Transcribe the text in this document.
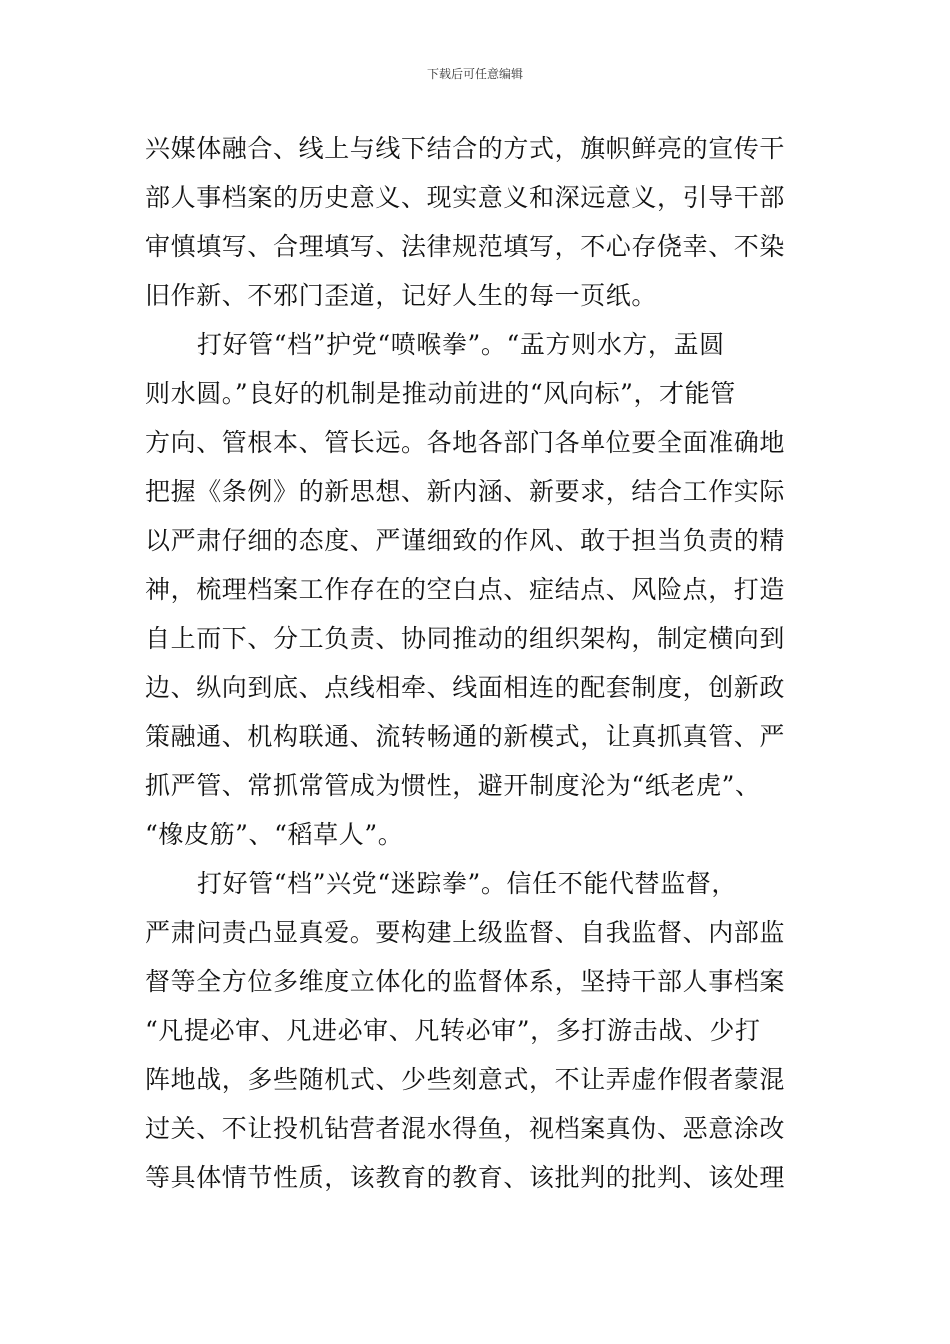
下载后可任意编辑
兴媒体融合、线上与线下结合的方式，旗帜鲜亮的宣传干
部人事档案的历史意义、现实意义和深远意义，引导干部
审慎填写、合理填写、法律规范填写，不心存侥幸、不染
旧作新、不邪门歪道，记好人生的每一页纸。
打好管“档”护党“喷喉拳”。“盂方则水方，盂圆
则水圆。”良好的机制是推动前进的“风向标”，才能管
方向、管根本、管长远。各地各部门各单位要全面准确地
把握《条例》的新思想、新内涵、新要求，结合工作实际
以严肃仔细的态度、严谨细致的作风、敢于担当负责的精
神，梳理档案工作存在的空白点、症结点、风险点，打造
自上而下、分工负责、协同推动的组织架构，制定横向到
边、纵向到底、点线相牵、线面相连的配套制度，创新政
策融通、机构联通、流转畅通的新模式，让真抓真管、严
抓严管、常抓常管成为惯性，避开制度沦为“纸老虎”、
“橡皮筋”、“稻草人”。
打好管“档”兴党“迷踪拳”。信任不能代替监督，
严肃问责凸显真爱。要构建上级监督、自我监督、内部监
督等全方位多维度立体化的监督体系，坚持干部人事档案
“凡提必审、凡进必审、凡转必审”，多打游击战、少打
阵地战，多些随机式、少些刻意式，不让弄虚作假者蒙混
过关、不让投机钻营者混水得鱼，视档案真伪、恶意涂改
等具体情节性质，该教育的教育、该批判的批判、该处理
